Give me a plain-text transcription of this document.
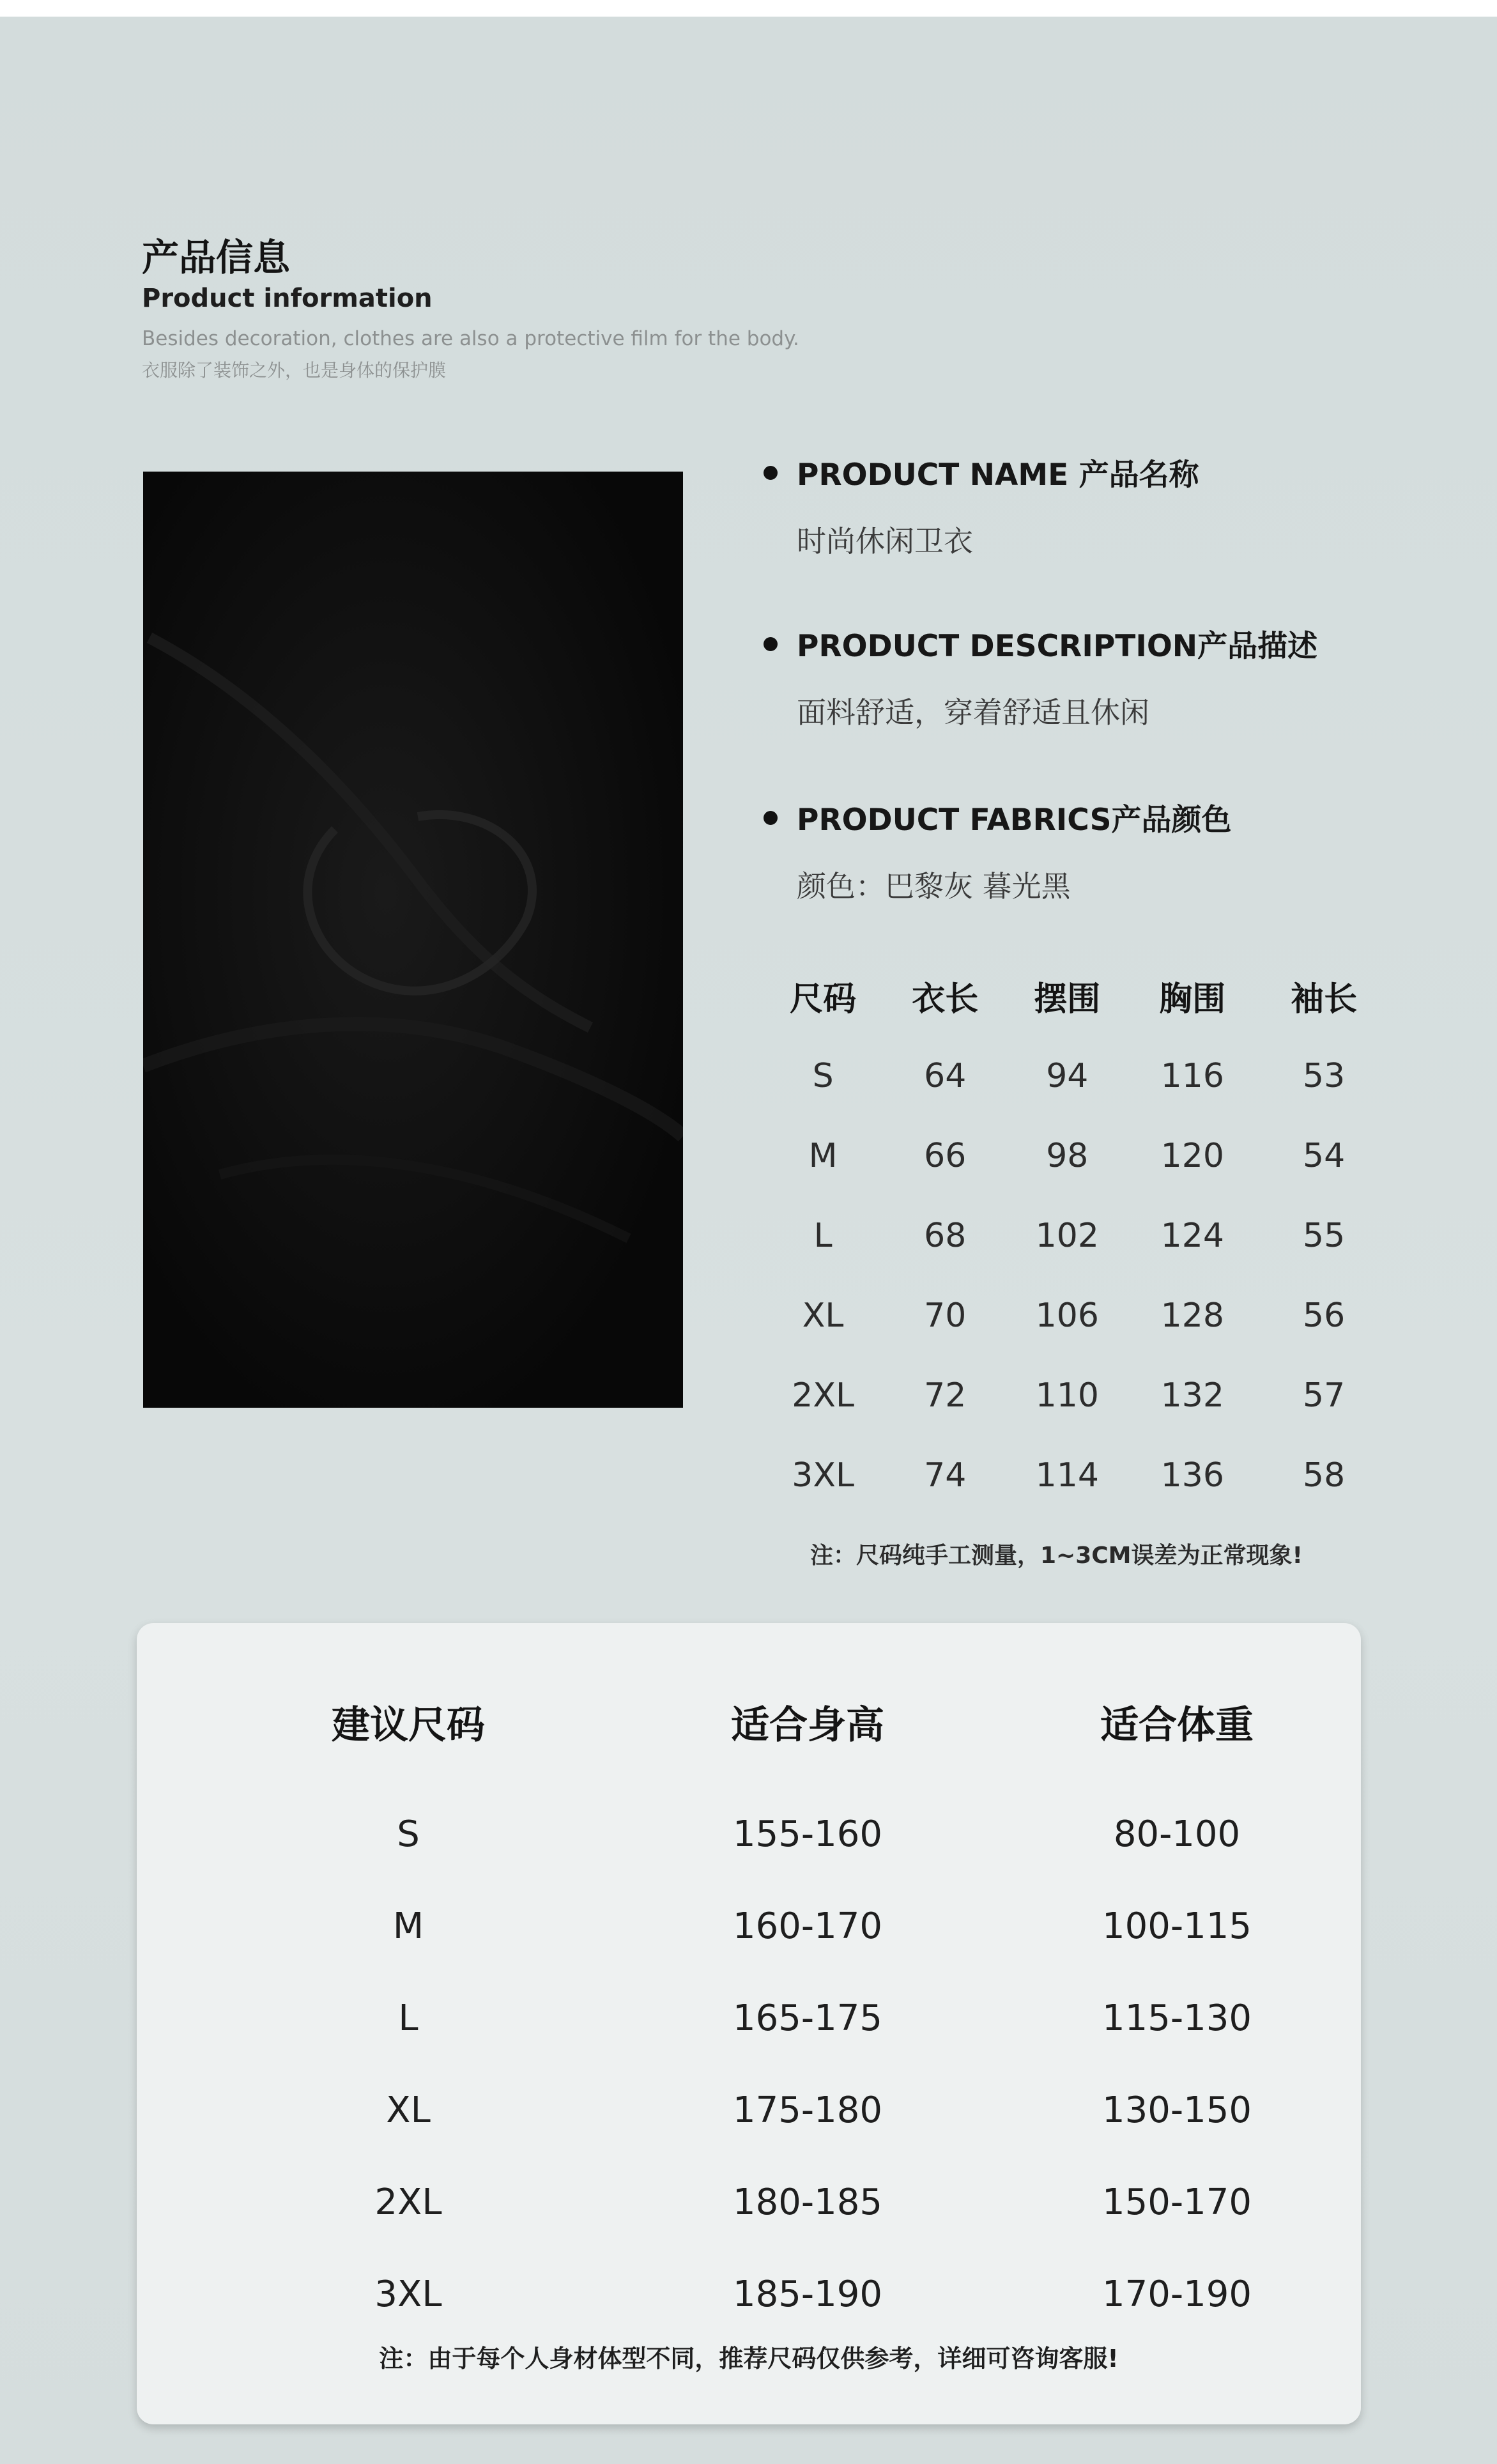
产品信息
Product information
Besides decoration, clothes are also a protective film for the body.
衣服除了装饰之外，也是身体的保护膜
PRODUCT NAME 产品名称
时尚休闲卫衣
PRODUCT DESCRIPTION产品描述
面料舒适，穿着舒适且休闲
PRODUCT FABRICS产品颜色
颜色：巴黎灰 暮光黑
尺码	衣长	摆围	胸围	袖长
S	64	94	116	53
M	66	98	120	54
L	68	102	124	55
XL	70	106	128	56
2XL	72	110	132	57
3XL	74	114	136	58
注：尺码纯手工测量，1~3CM误差为正常现象!
建议尺码	适合身高	适合体重
S	155-160	80-100
M	160-170	100-115
L	165-175	115-130
XL	175-180	130-150
2XL	180-185	150-170
3XL	185-190	170-190
注：由于每个人身材体型不同，推荐尺码仅供参考，详细可咨询客服!
